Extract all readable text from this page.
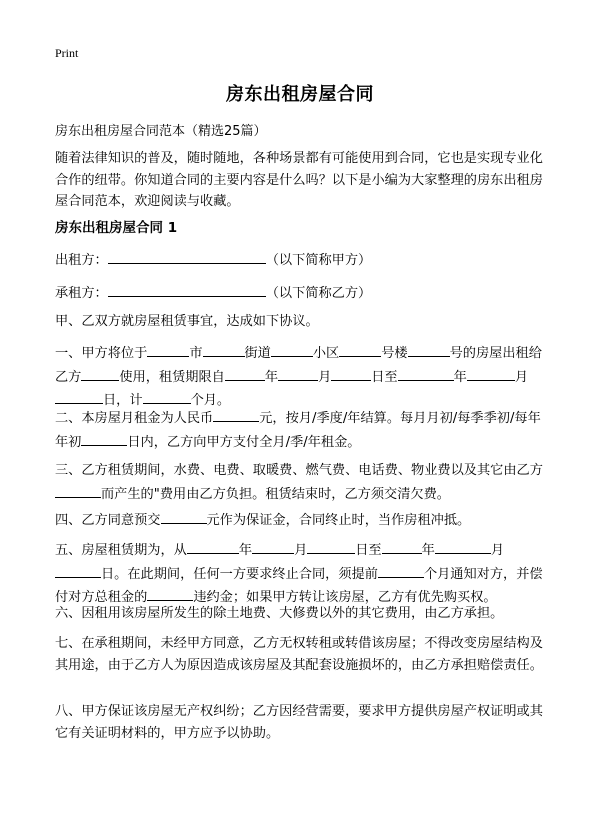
Print
房东出租房屋合同
房东出租房屋合同范本（精选25篇）
随着法律知识的普及，随时随地，各种场景都有可能使用到合同，它也是实现专业化合作的纽带。你知道合同的主要内容是什么吗？以下是小编为大家整理的房东出租房屋合同范本，欢迎阅读与收藏。
房东出租房屋合同 1
出租方：	（以下简称甲方）
承租方：	（以下简称乙方）
甲、乙双方就房屋租赁事宜，达成如下协议。
一、甲方将位于	市	街道	小区	号楼	号的房屋出租给乙方	使用，租赁期限自	年	月	日至	年	月日，计	个月。
二、本房屋月租金为人民币	元，按月/季度/年结算。每月月初/每季季初/每年年初	日内，乙方向甲方支付全月/季/年租金。
三、乙方租赁期间，水费、电费、取暖费、燃气费、电话费、物业费以及其它由乙方而产生的"费用由乙方负担。租赁结束时，乙方须交清欠费。
四、乙方同意预交	元作为保证金，合同终止时，当作房租冲抵。
五、房屋租赁期为，从	年	月	日至	年	月日。在此期间，任何一方要求终止合同，须提前	个月通知对方，并偿付对方总租金的	违约金；如果甲方转让该房屋，乙方有优先购买权。
六、因租用该房屋所发生的除土地费、大修费以外的其它费用，由乙方承担。
七、在承租期间，未经甲方同意，乙方无权转租或转借该房屋；不得改变房屋结构及其用途，由于乙方人为原因造成该房屋及其配套设施损坏的，由乙方承担赔偿责任。
八、甲方保证该房屋无产权纠纷；乙方因经营需要，要求甲方提供房屋产权证明或其它有关证明材料的，甲方应予以协助。
